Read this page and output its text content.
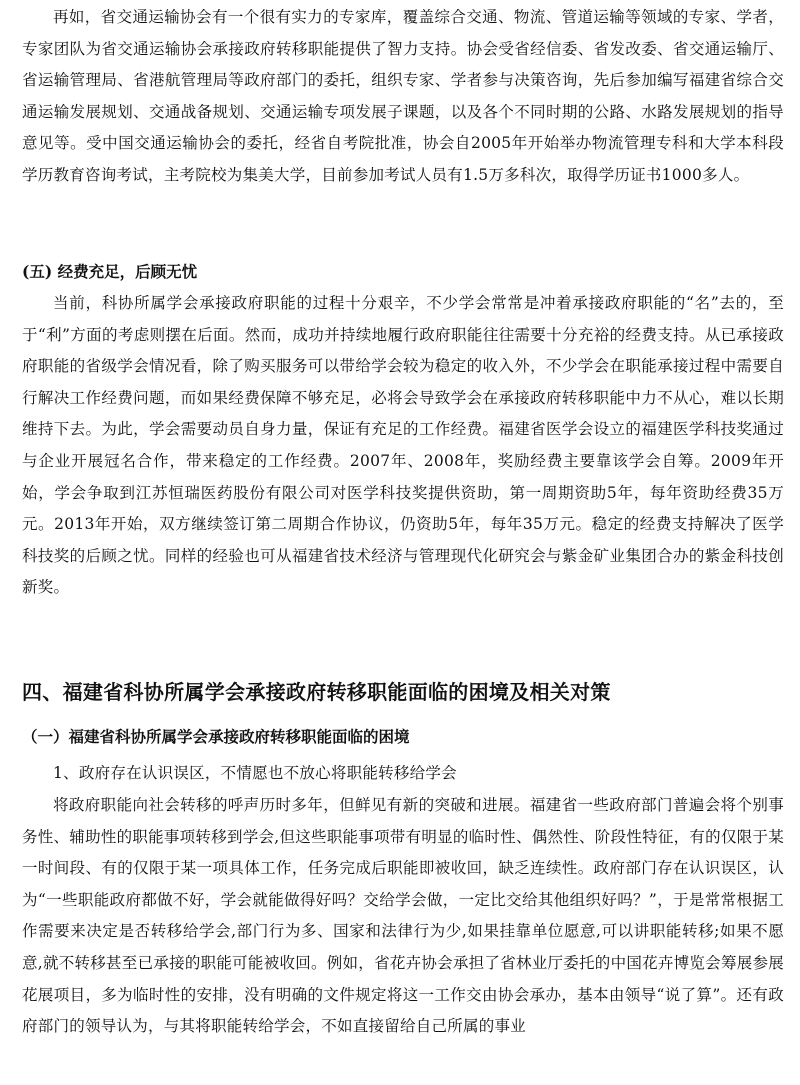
再如，省交通运输协会有一个很有实力的专家库，覆盖综合交通、物流、管道运输等领域的专家、学者，专家团队为省交通运输协会承接政府转移职能提供了智力支持。协会受省经信委、省发改委、省交通运输厅、省运输管理局、省港航管理局等政府部门的委托，组织专家、学者参与决策咨询，先后参加编写福建省综合交通运输发展规划、交通战备规划、交通运输专项发展子课题，以及各个不同时期的公路、水路发展规划的指导意见等。受中国交通运输协会的委托，经省自考院批准，协会自2005年开始举办物流管理专科和大学本科段学历教育咨询考试，主考院校为集美大学，目前参加考试人员有1.5万多科次，取得学历证书1000多人。

(五) 经费充足，后顾无忧

当前，科协所属学会承接政府职能的过程十分艰辛，不少学会常常是冲着承接政府职能的“名”去的，至于“利”方面的考虑则摆在后面。然而，成功并持续地履行政府职能往往需要十分充裕的经费支持。从已承接政府职能的省级学会情况看，除了购买服务可以带给学会较为稳定的收入外，不少学会在职能承接过程中需要自行解决工作经费问题，而如果经费保障不够充足，必将会导致学会在承接政府转移职能中力不从心，难以长期维持下去。为此，学会需要动员自身力量，保证有充足的工作经费。福建省医学会设立的福建医学科技奖通过与企业开展冠名合作，带来稳定的工作经费。2007年、2008年，奖励经费主要靠该学会自筹。2009年开始，学会争取到江苏恒瑞医药股份有限公司对医学科技奖提供资助，第一周期资助5年，每年资助经费35万元。2013年开始，双方继续签订第二周期合作协议，仍资助5年，每年35万元。稳定的经费支持解决了医学科技奖的后顾之忧。同样的经验也可从福建省技术经济与管理现代化研究会与紫金矿业集团合办的紫金科技创新奖。

四、福建省科协所属学会承接政府转移职能面临的困境及相关对策
（一）福建省科协所属学会承接政府转移职能面临的困境

1、政府存在认识误区，不情愿也不放心将职能转移给学会

将政府职能向社会转移的呼声历时多年，但鲜见有新的突破和进展。福建省一些政府部门普遍会将个别事务性、辅助性的职能事项转移到学会,但这些职能事项带有明显的临时性、偶然性、阶段性特征，有的仅限于某一时间段、有的仅限于某一项具体工作，任务完成后职能即被收回，缺乏连续性。政府部门存在认识误区，认为“一些职能政府都做不好，学会就能做得好吗？交给学会做，一定比交给其他组织好吗？”，于是常常根据工作需要来决定是否转移给学会,部门行为多、国家和法律行为少,如果挂靠单位愿意,可以讲职能转移;如果不愿意,就不转移甚至已承接的职能可能被收回。例如，省花卉协会承担了省林业厅委托的中国花卉博览会筹展参展花展项目，多为临时性的安排，没有明确的文件规定将这一工作交由协会承办，基本由领导“说了算”。还有政府部门的领导认为，与其将职能转给学会，不如直接留给自己所属的事业
